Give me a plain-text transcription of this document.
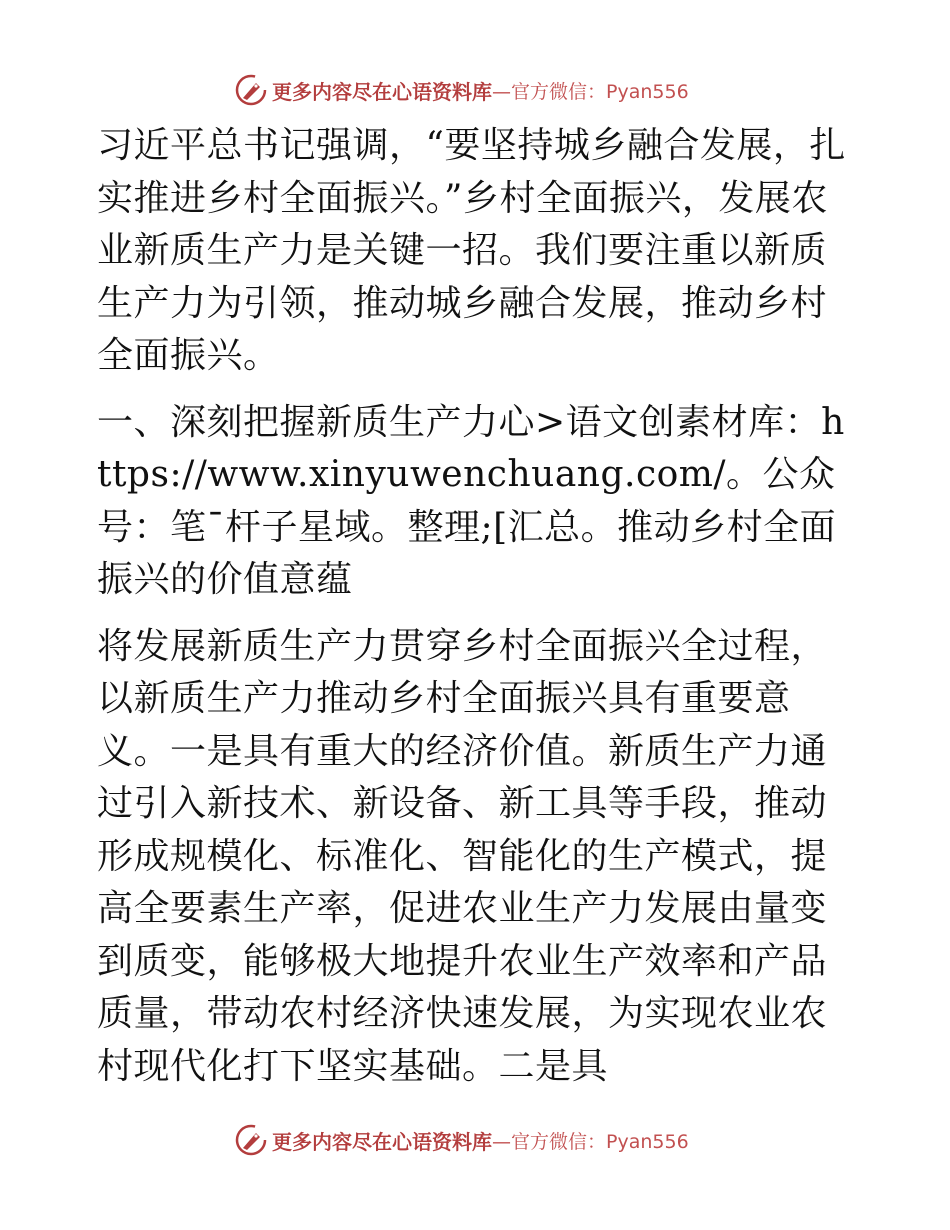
更多内容尽在心语资料库 —官方微信：Pyan556

习近平总书记强调，“要坚持城乡融合发展，扎实推进乡村全面振兴。”乡村全面振兴，发展农业新质生产力是关键一招。我们要注重以新质生产力为引领，推动城乡融合发展，推动乡村全面振兴。

一、深刻把握新质生产力心>语文创素材库：https://www.xinyuwenchuang.com/。公众号：笔¯杆子星域。整理;[汇总。推动乡村全面振兴的价值意蕴

将发展新质生产力贯穿乡村全面振兴全过程，以新质生产力推动乡村全面振兴具有重要意义。一是具有重大的经济价值。新质生产力通过引入新技术、新设备、新工具等手段，推动形成规模化、标准化、智能化的生产模式，提高全要素生产率，促进农业生产力发展由量变到质变，能够极大地提升农业生产效率和产品质量，带动农村经济快速发展，为实现农业农村现代化打下坚实基础。二是具

更多内容尽在心语资料库 —官方微信：Pyan556
